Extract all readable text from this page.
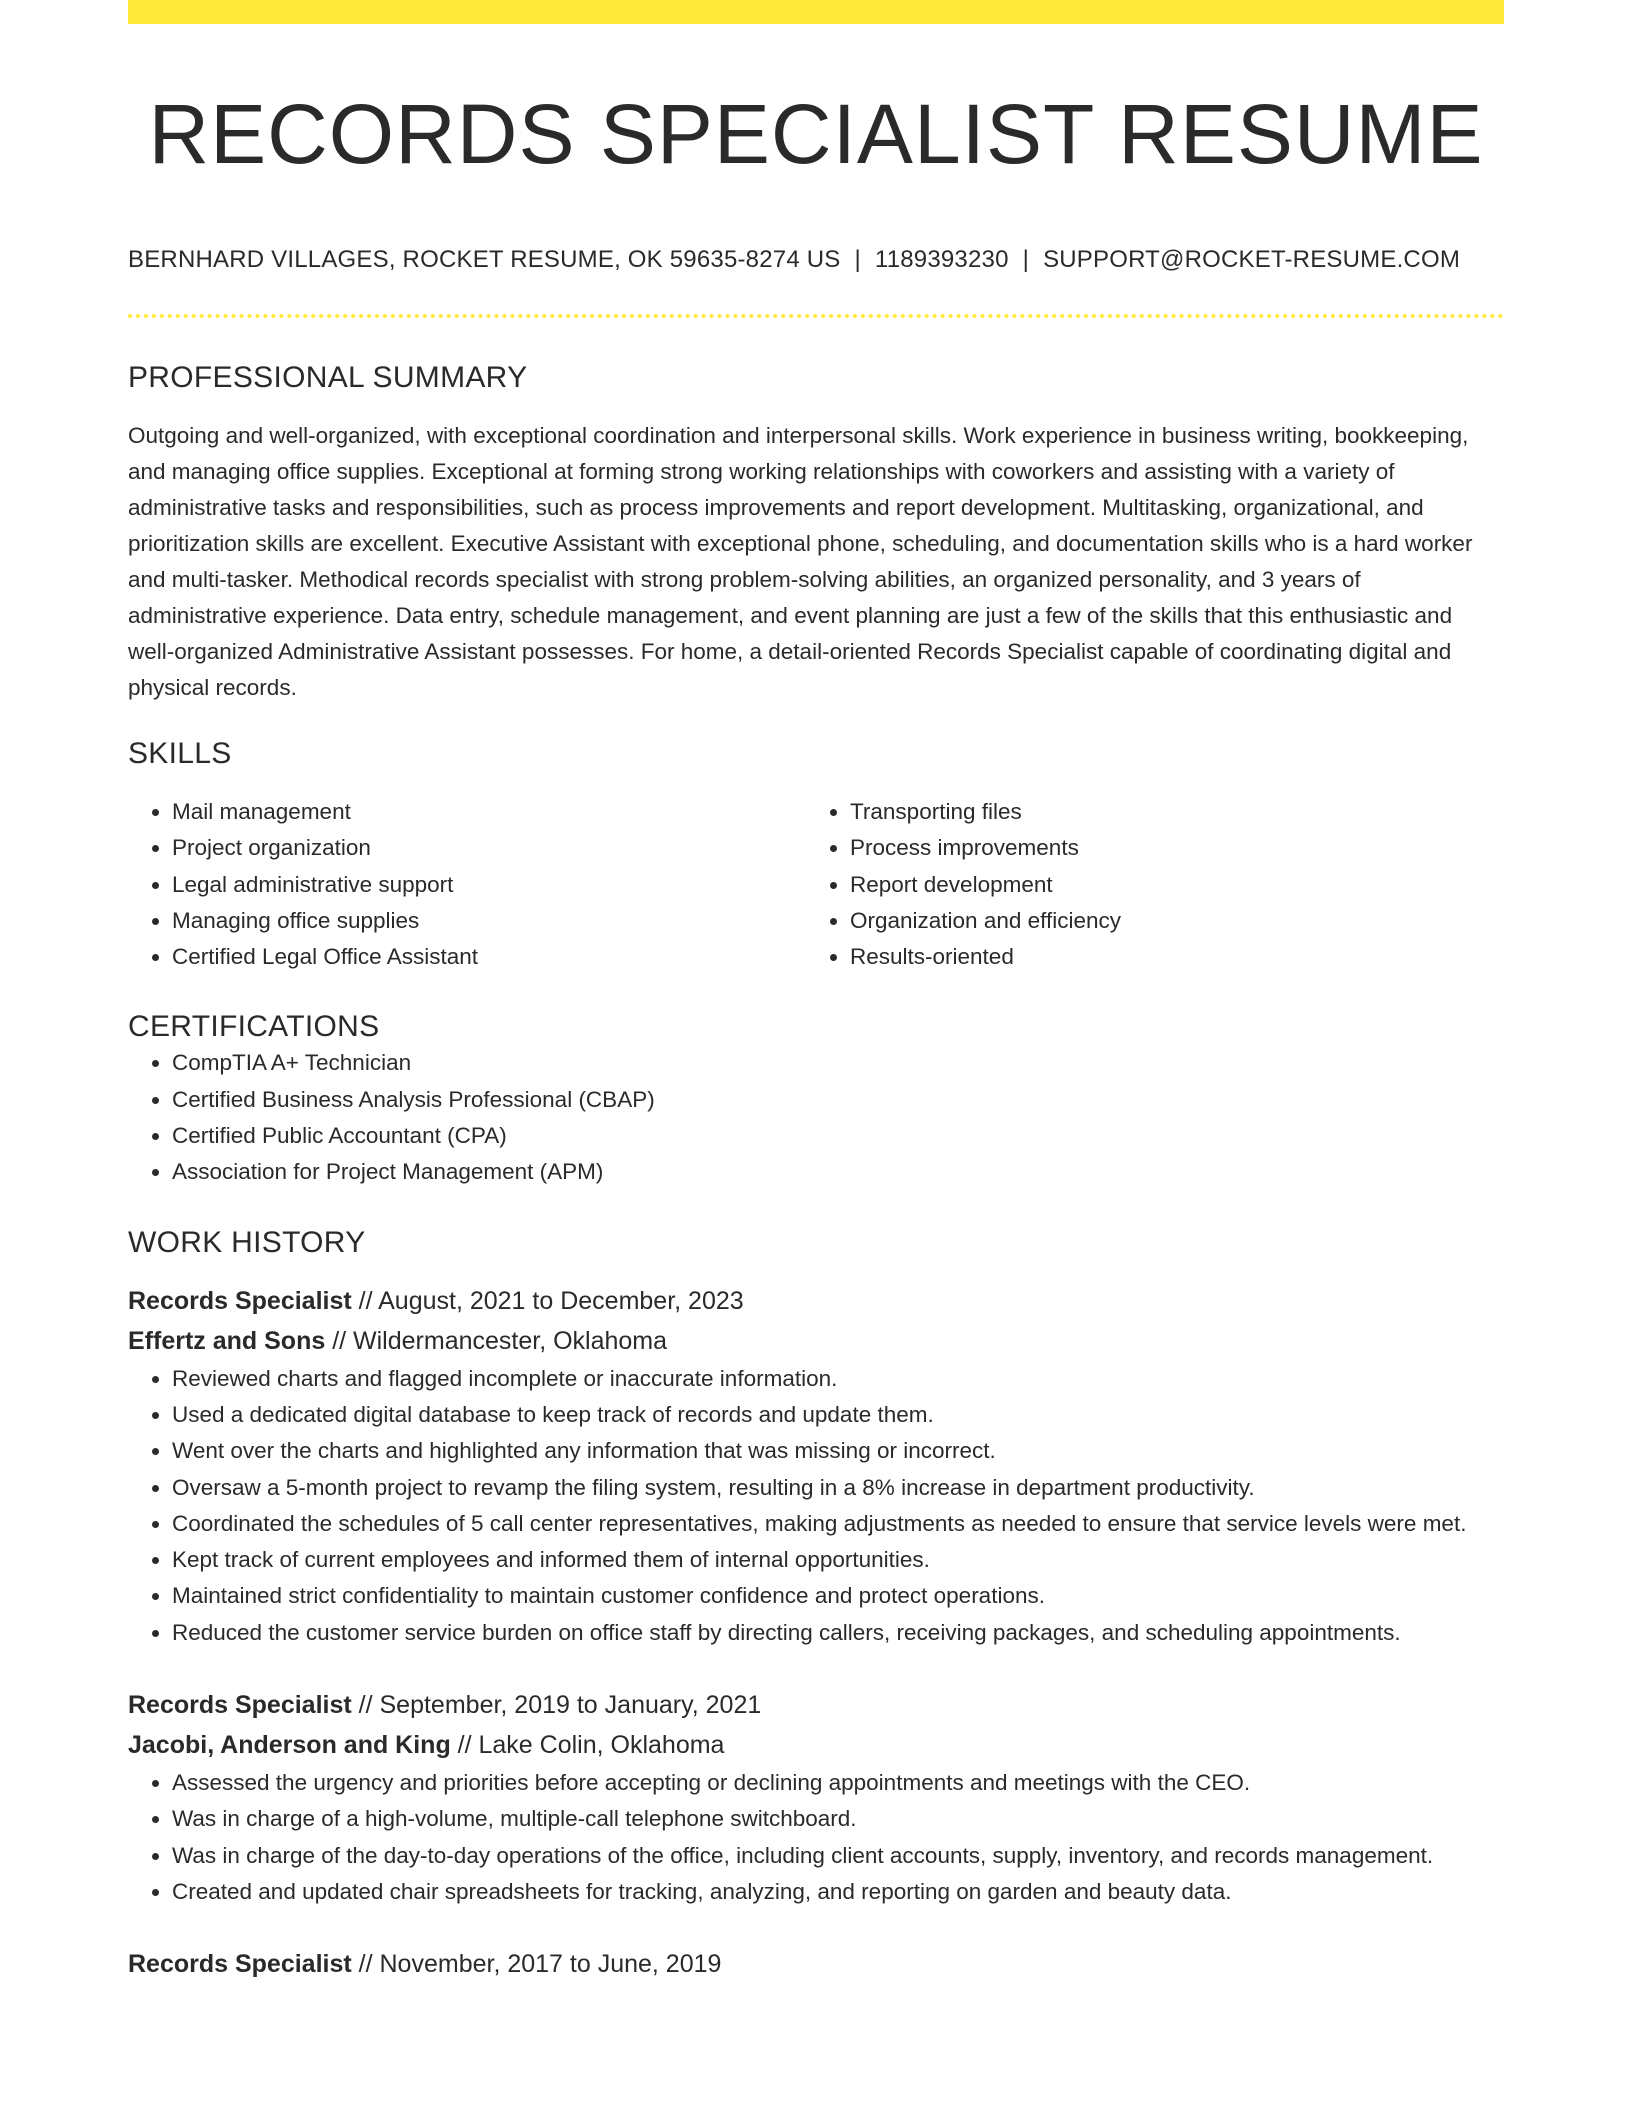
RECORDS SPECIALIST RESUME
BERNHARD VILLAGES, ROCKET RESUME, OK 59635-8274 US | 1189393230 | SUPPORT@ROCKET-RESUME.COM
PROFESSIONAL SUMMARY
Outgoing and well-organized, with exceptional coordination and interpersonal skills. Work experience in business writing, bookkeeping, and managing office supplies. Exceptional at forming strong working relationships with coworkers and assisting with a variety of administrative tasks and responsibilities, such as process improvements and report development. Multitasking, organizational, and prioritization skills are excellent. Executive Assistant with exceptional phone, scheduling, and documentation skills who is a hard worker and multi-tasker. Methodical records specialist with strong problem-solving abilities, an organized personality, and 3 years of administrative experience. Data entry, schedule management, and event planning are just a few of the skills that this enthusiastic and well-organized Administrative Assistant possesses. For home, a detail-oriented Records Specialist capable of coordinating digital and physical records.
SKILLS
• Mail management
• Project organization
• Legal administrative support
• Managing office supplies
• Certified Legal Office Assistant
• Transporting files
• Process improvements
• Report development
• Organization and efficiency
• Results-oriented
CERTIFICATIONS
• CompTIA A+ Technician
• Certified Business Analysis Professional (CBAP)
• Certified Public Accountant (CPA)
• Association for Project Management (APM)
WORK HISTORY
Records Specialist // August, 2021 to December, 2023
Effertz and Sons // Wildermancester, Oklahoma
• Reviewed charts and flagged incomplete or inaccurate information.
• Used a dedicated digital database to keep track of records and update them.
• Went over the charts and highlighted any information that was missing or incorrect.
• Oversaw a 5-month project to revamp the filing system, resulting in a 8% increase in department productivity.
• Coordinated the schedules of 5 call center representatives, making adjustments as needed to ensure that service levels were met.
• Kept track of current employees and informed them of internal opportunities.
• Maintained strict confidentiality to maintain customer confidence and protect operations.
• Reduced the customer service burden on office staff by directing callers, receiving packages, and scheduling appointments.
Records Specialist // September, 2019 to January, 2021
Jacobi, Anderson and King // Lake Colin, Oklahoma
• Assessed the urgency and priorities before accepting or declining appointments and meetings with the CEO.
• Was in charge of a high-volume, multiple-call telephone switchboard.
• Was in charge of the day-to-day operations of the office, including client accounts, supply, inventory, and records management.
• Created and updated chair spreadsheets for tracking, analyzing, and reporting on garden and beauty data.
Records Specialist // November, 2017 to June, 2019
